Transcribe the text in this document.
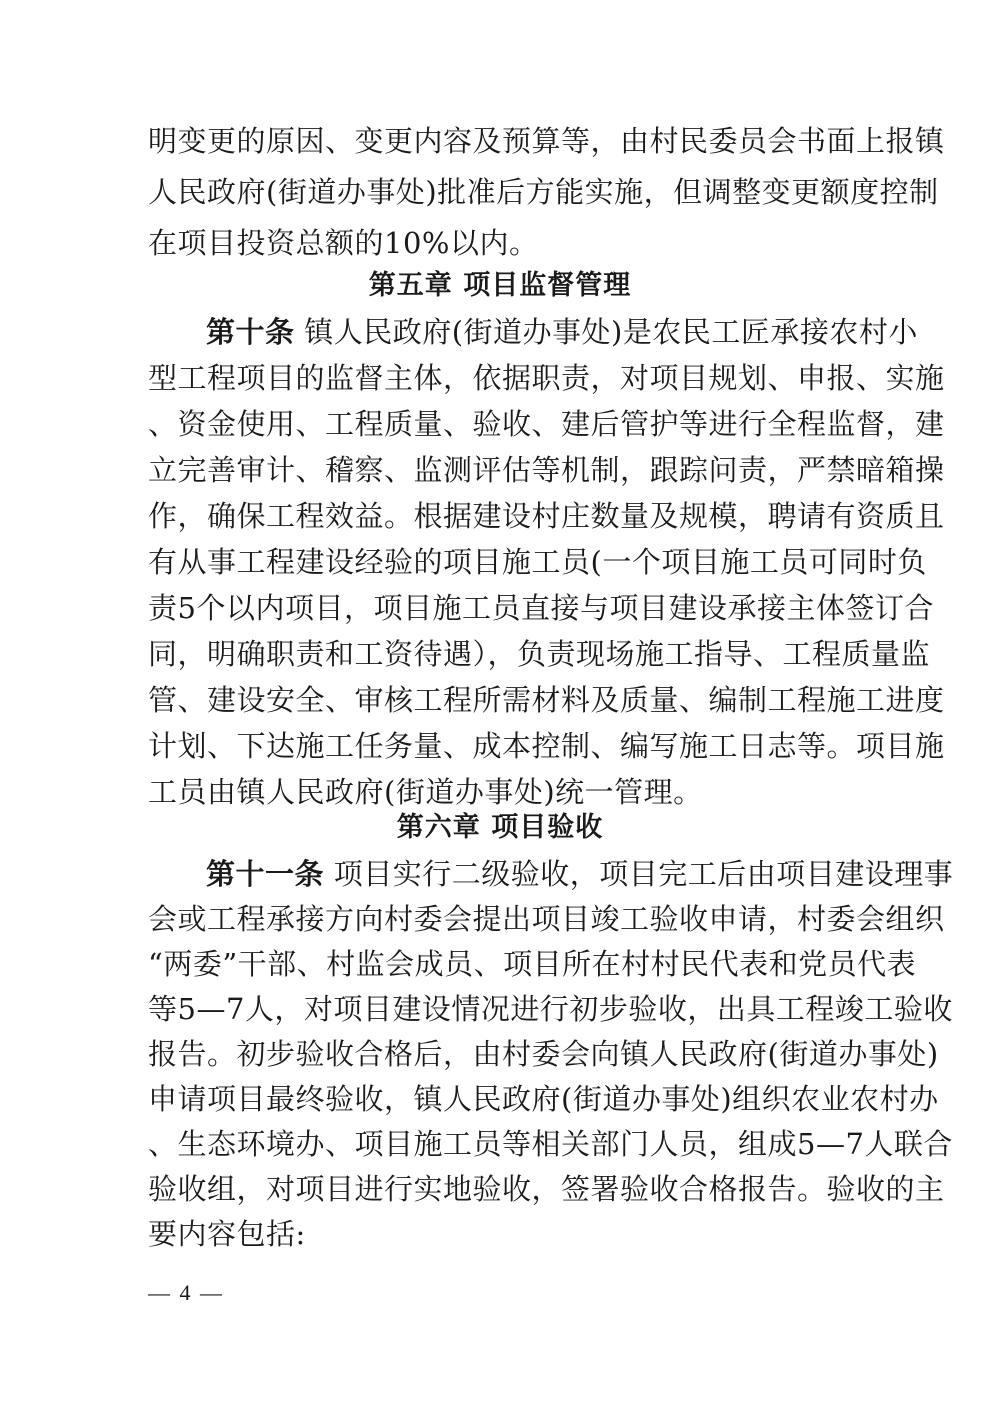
明变更的原因、变更内容及预算等，由村民委员会书面上报镇
人民政府(街道办事处)批准后方能实施，但调整变更额度控制
在项目投资总额的10%以内。
第五章 项目监督管理
第十条 镇人民政府(街道办事处)是农民工匠承接农村小
型工程项目的监督主体，依据职责，对项目规划、申报、实施
、资金使用、工程质量、验收、建后管护等进行全程监督，建
立完善审计、稽察、监测评估等机制，跟踪问责，严禁暗箱操
作，确保工程效益。根据建设村庄数量及规模，聘请有资质且
有从事工程建设经验的项目施工员(一个项目施工员可同时负
责5个以内项目，项目施工员直接与项目建设承接主体签订合
同，明确职责和工资待遇），负责现场施工指导、工程质量监
管、建设安全、审核工程所需材料及质量、编制工程施工进度
计划、下达施工任务量、成本控制、编写施工日志等。项目施
工员由镇人民政府(街道办事处)统一管理。
第六章 项目验收
第十一条 项目实行二级验收，项目完工后由项目建设理事
会或工程承接方向村委会提出项目竣工验收申请，村委会组织
“两委”干部、村监会成员、项目所在村村民代表和党员代表
等5—7人，对项目建设情况进行初步验收，出具工程竣工验收
报告。初步验收合格后，由村委会向镇人民政府(街道办事处)
申请项目最终验收，镇人民政府(街道办事处)组织农业农村办
、生态环境办、项目施工员等相关部门人员，组成5—7人联合
验收组，对项目进行实地验收，签署验收合格报告。验收的主
要内容包括:
— 4 —
